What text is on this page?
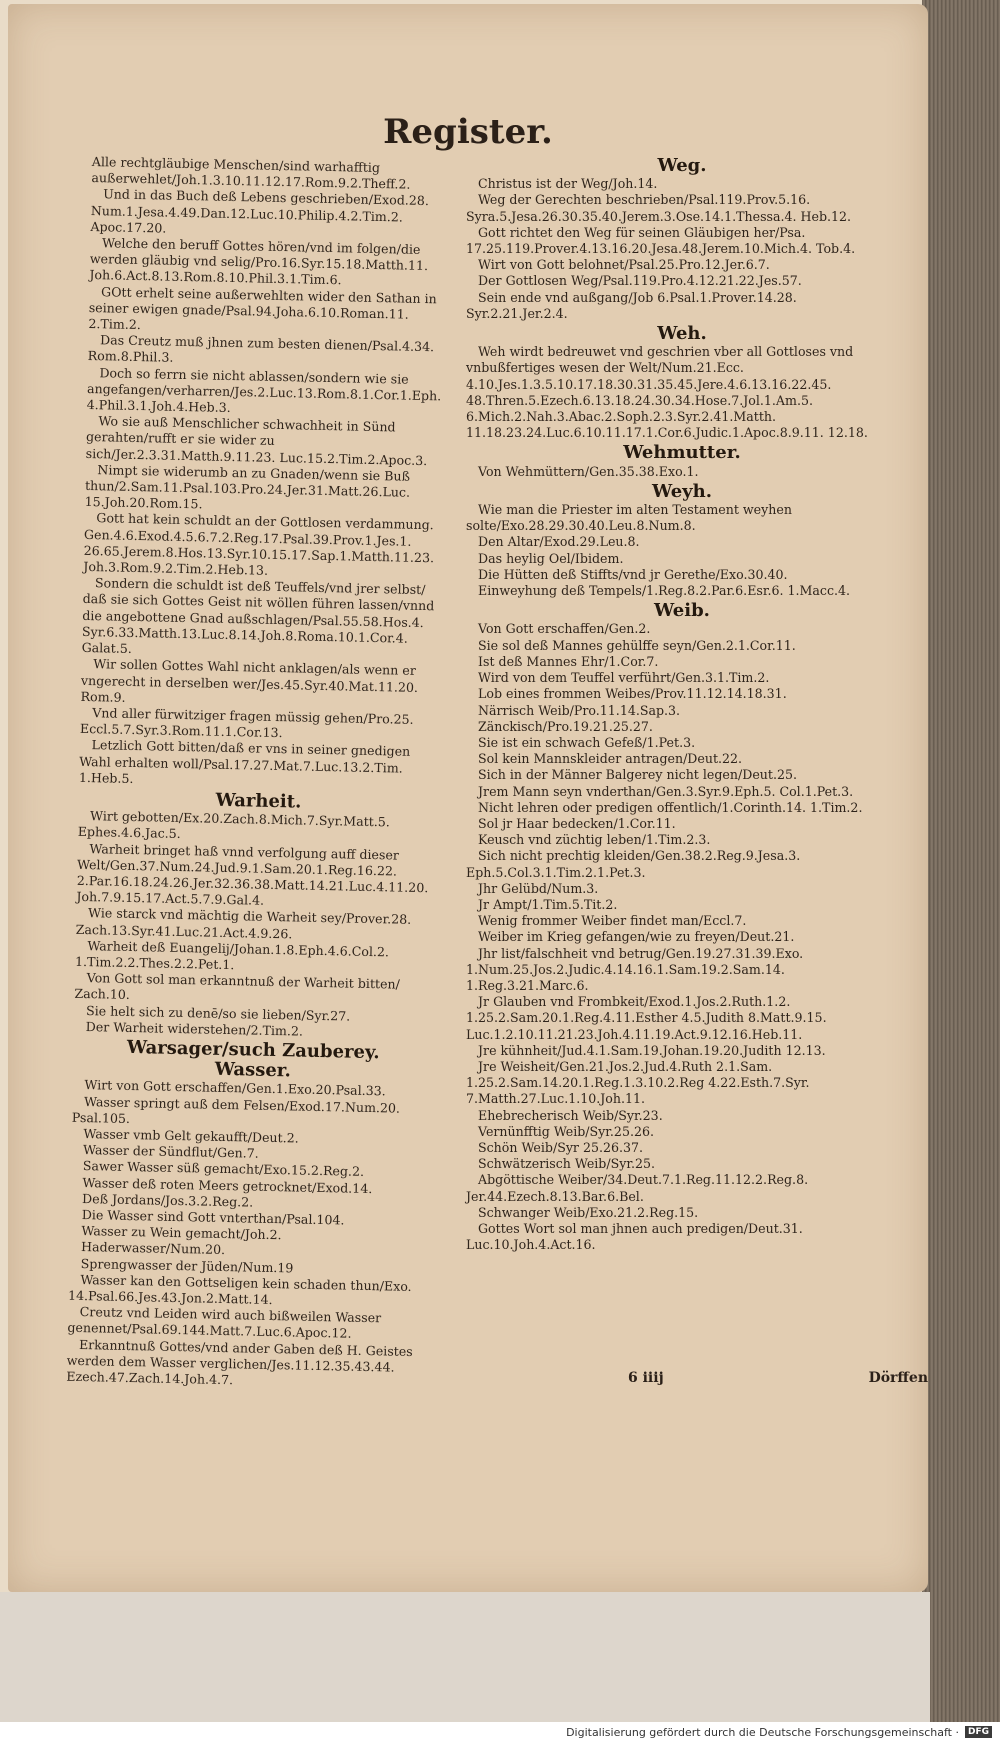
Register.
Alle rechtgläubige Menschen/sind warhafftig außerwehlet/Joh.1.3.10.11.12.17.Rom.9.2.Theff.2.
Und in das Buch deß Lebens geschrieben/Exod.28. Num.1.Jesa.4.49.Dan.12.Luc.10.Philip.4.2.Tim.2. Apoc.17.20.
Welche den beruff Gottes hören/vnd im folgen/die werden gläubig vnd selig/Pro.16.Syr.15.18.Matth.11. Joh.6.Act.8.13.Rom.8.10.Phil.3.1.Tim.6.
GOtt erhelt seine außerwehlten wider den Sathan in seiner ewigen gnade/Psal.94.Joha.6.10.Roman.11. 2.Tim.2.
Das Creutz muß jhnen zum besten dienen/Psal.4.34. Rom.8.Phil.3.
Doch so ferrn sie nicht ablassen/sondern wie sie angefangen/verharren/Jes.2.Luc.13.Rom.8.1.Cor.1.Eph. 4.Phil.3.1.Joh.4.Heb.3.
Wo sie auß Menschlicher schwachheit in Sünd gerahten/rufft er sie wider zu sich/Jer.2.3.31.Matth.9.11.23. Luc.15.2.Tim.2.Apoc.3.
Nimpt sie widerumb an zu Gnaden/wenn sie Buß thun/2.Sam.11.Psal.103.Pro.24.Jer.31.Matt.26.Luc. 15.Joh.20.Rom.15.
Gott hat kein schuldt an der Gottlosen verdammung. Gen.4.6.Exod.4.5.6.7.2.Reg.17.Psal.39.Prov.1.Jes.1. 26.65.Jerem.8.Hos.13.Syr.10.15.17.Sap.1.Matth.11.23. Joh.3.Rom.9.2.Tim.2.Heb.13.
Sondern die schuldt ist deß Teuffels/vnd jrer selbst/ daß sie sich Gottes Geist nit wöllen führen lassen/vnnd die angebottene Gnad außschlagen/Psal.55.58.Hos.4. Syr.6.33.Matth.13.Luc.8.14.Joh.8.Roma.10.1.Cor.4. Galat.5.
Wir sollen Gottes Wahl nicht anklagen/als wenn er vngerecht in derselben wer/Jes.45.Syr.40.Mat.11.20. Rom.9.
Vnd aller fürwitziger fragen müssig gehen/Pro.25. Eccl.5.7.Syr.3.Rom.11.1.Cor.13.
Letzlich Gott bitten/daß er vns in seiner gnedigen Wahl erhalten woll/Psal.17.27.Mat.7.Luc.13.2.Tim. 1.Heb.5.
Warheit.
Wirt gebotten/Ex.20.Zach.8.Mich.7.Syr.Matt.5. Ephes.4.6.Jac.5.
Warheit bringet haß vnnd verfolgung auff dieser Welt/Gen.37.Num.24.Jud.9.1.Sam.20.1.Reg.16.22. 2.Par.16.18.24.26.Jer.32.36.38.Matt.14.21.Luc.4.11.20. Joh.7.9.15.17.Act.5.7.9.Gal.4.
Wie starck vnd mächtig die Warheit sey/Prover.28. Zach.13.Syr.41.Luc.21.Act.4.9.26.
Warheit deß Euangelij/Johan.1.8.Eph.4.6.Col.2. 1.Tim.2.2.Thes.2.2.Pet.1.
Von Gott sol man erkanntnuß der Warheit bitten/ Zach.10.
Sie helt sich zu denē/so sie lieben/Syr.27.
Der Warheit widerstehen/2.Tim.2.
Warsager/such Zauberey.
Wasser.
Wirt von Gott erschaffen/Gen.1.Exo.20.Psal.33.
Wasser springt auß dem Felsen/Exod.17.Num.20. Psal.105.
Wasser vmb Gelt gekaufft/Deut.2.
Wasser der Sündflut/Gen.7.
Sawer Wasser süß gemacht/Exo.15.2.Reg.2.
Wasser deß roten Meers getrocknet/Exod.14.
Deß Jordans/Jos.3.2.Reg.2.
Die Wasser sind Gott vnterthan/Psal.104.
Wasser zu Wein gemacht/Joh.2.
Haderwasser/Num.20.
Sprengwasser der Jüden/Num.19
Wasser kan den Gottseligen kein schaden thun/Exo. 14.Psal.66.Jes.43.Jon.2.Matt.14.
Creutz vnd Leiden wird auch bißweilen Wasser genennet/Psal.69.144.Matt.7.Luc.6.Apoc.12.
Erkanntnuß Gottes/vnd ander Gaben deß H. Geistes werden dem Wasser verglichen/Jes.11.12.35.43.44. Ezech.47.Zach.14.Joh.4.7.
Weg.
Christus ist der Weg/Joh.14.
Weg der Gerechten beschrieben/Psal.119.Prov.5.16. Syra.5.Jesa.26.30.35.40.Jerem.3.Ose.14.1.Thessa.4. Heb.12.
Gott richtet den Weg für seinen Gläubigen her/Psa. 17.25.119.Prover.4.13.16.20.Jesa.48.Jerem.10.Mich.4. Tob.4.
Wirt von Gott belohnet/Psal.25.Pro.12.Jer.6.7.
Der Gottlosen Weg/Psal.119.Pro.4.12.21.22.Jes.57.
Sein ende vnd außgang/Job 6.Psal.1.Prover.14.28. Syr.2.21.Jer.2.4.
Weh.
Weh wirdt bedreuwet vnd geschrien vber all Gottloses vnd vnbußfertiges wesen der Welt/Num.21.Ecc. 4.10.Jes.1.3.5.10.17.18.30.31.35.45.Jere.4.6.13.16.22.45. 48.Thren.5.Ezech.6.13.18.24.30.34.Hose.7.Jol.1.Am.5. 6.Mich.2.Nah.3.Abac.2.Soph.2.3.Syr.2.41.Matth. 11.18.23.24.Luc.6.10.11.17.1.Cor.6.Judic.1.Apoc.8.9.11. 12.18.
Wehmutter.
Von Wehmüttern/Gen.35.38.Exo.1.
Weyh.
Wie man die Priester im alten Testament weyhen solte/Exo.28.29.30.40.Leu.8.Num.8.
Den Altar/Exod.29.Leu.8.
Das heylig Oel/Ibidem.
Die Hütten deß Stiffts/vnd jr Gerethe/Exo.30.40.
Einweyhung deß Tempels/1.Reg.8.2.Par.6.Esr.6. 1.Macc.4.
Weib.
Von Gott erschaffen/Gen.2.
Sie sol deß Mannes gehülffe seyn/Gen.2.1.Cor.11.
Ist deß Mannes Ehr/1.Cor.7.
Wird von dem Teuffel verführt/Gen.3.1.Tim.2.
Lob eines frommen Weibes/Prov.11.12.14.18.31.
Närrisch Weib/Pro.11.14.Sap.3.
Zänckisch/Pro.19.21.25.27.
Sie ist ein schwach Gefeß/1.Pet.3.
Sol kein Mannskleider antragen/Deut.22.
Sich in der Männer Balgerey nicht legen/Deut.25.
Jrem Mann seyn vnderthan/Gen.3.Syr.9.Eph.5. Col.1.Pet.3.
Nicht lehren oder predigen offentlich/1.Corinth.14. 1.Tim.2.
Sol jr Haar bedecken/1.Cor.11.
Keusch vnd züchtig leben/1.Tim.2.3.
Sich nicht prechtig kleiden/Gen.38.2.Reg.9.Jesa.3. Eph.5.Col.3.1.Tim.2.1.Pet.3.
Jhr Gelübd/Num.3.
Jr Ampt/1.Tim.5.Tit.2.
Wenig frommer Weiber findet man/Eccl.7.
Weiber im Krieg gefangen/wie zu freyen/Deut.21.
Jhr list/falschheit vnd betrug/Gen.19.27.31.39.Exo. 1.Num.25.Jos.2.Judic.4.14.16.1.Sam.19.2.Sam.14. 1.Reg.3.21.Marc.6.
Jr Glauben vnd Frombkeit/Exod.1.Jos.2.Ruth.1.2. 1.25.2.Sam.20.1.Reg.4.11.Esther 4.5.Judith 8.Matt.9.15. Luc.1.2.10.11.21.23.Joh.4.11.19.Act.9.12.16.Heb.11.
Jre kühnheit/Jud.4.1.Sam.19.Johan.19.20.Judith 12.13.
Jre Weisheit/Gen.21.Jos.2.Jud.4.Ruth 2.1.Sam. 1.25.2.Sam.14.20.1.Reg.1.3.10.2.Reg 4.22.Esth.7.Syr. 7.Matth.27.Luc.1.10.Joh.11.
Ehebrecherisch Weib/Syr.23.
Vernünfftig Weib/Syr.25.26.
Schön Weib/Syr 25.26.37.
Schwätzerisch Weib/Syr.25.
Abgöttische Weiber/34.Deut.7.1.Reg.11.12.2.Reg.8. Jer.44.Ezech.8.13.Bar.6.Bel.
Schwanger Weib/Exo.21.2.Reg.15.
Gottes Wort sol man jhnen auch predigen/Deut.31. Luc.10.Joh.4.Act.16.
6 iiij	Dörffen
Digitalisierung gefördert durch die Deutsche Forschungsgemeinschaft ·	DFG
